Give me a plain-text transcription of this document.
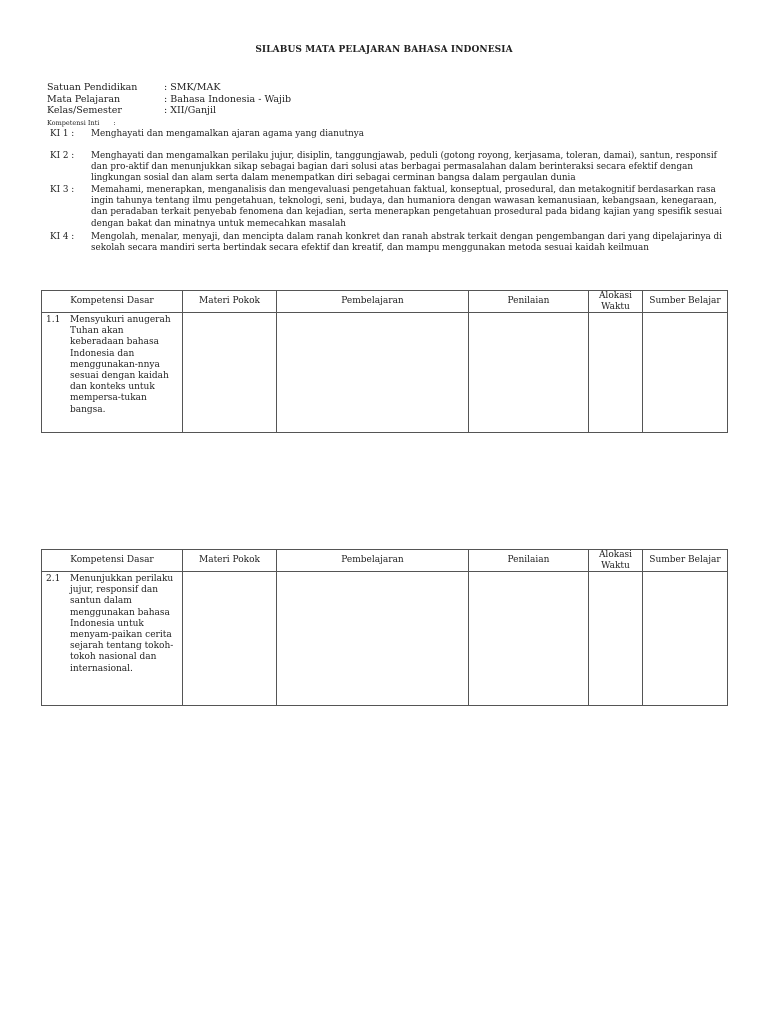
SILABUS MATA PELAJARAN BAHASA INDONESIA
Satuan Pendidikan	: SMK/MAK
Mata Pelajaran	: Bahasa Indonesia - Wajib
Kelas/Semester	: XII/Ganjil
Kompetensi Inti :
KI 1 :	Menghayati dan mengamalkan ajaran agama yang dianutnya
KI 2 :	Menghayati dan mengamalkan perilaku jujur, disiplin, tanggungjawab, peduli (gotong royong, kerjasama, toleran, damai), santun, responsif dan pro-aktif dan menunjukkan sikap sebagai bagian dari solusi atas berbagai permasalahan dalam berinteraksi secara efektif dengan lingkungan sosial dan alam serta dalam menempatkan diri sebagai cerminan bangsa dalam pergaulan dunia
KI 3 :	Memahami, menerapkan, menganalisis dan mengevaluasi pengetahuan faktual, konseptual, prosedural, dan metakognitif berdasarkan rasa ingin tahunya tentang ilmu pengetahuan, teknologi, seni, budaya, dan humaniora dengan wawasan kemanusiaan, kebangsaan, kenegaraan, dan peradaban terkait penyebab fenomena dan kejadian, serta menerapkan pengetahuan prosedural pada bidang kajian yang spesifik sesuai dengan bakat dan minatnya untuk memecahkan masalah
KI 4 :	Mengolah, menalar, menyaji, dan mencipta dalam ranah konkret dan ranah abstrak terkait dengan pengembangan dari yang dipelajarinya di sekolah secara mandiri serta bertindak secara efektif dan kreatif, dan mampu menggunakan metoda sesuai kaidah keilmuan
Kompetensi Dasar	Materi Pokok	Pembelajaran	Penilaian	Alokasi Waktu	Sumber Belajar

1.1 Mensyukuri anugerah Tuhan akan keberadaan bahasa Indonesia dan menggunakan-nnya sesuai dengan kaidah dan konteks untuk mempersa-tukan bangsa.					

Kompetensi Dasar	Materi Pokok	Pembelajaran	Penilaian	Alokasi Waktu	Sumber Belajar

2.1 Menunjukkan perilaku jujur, responsif dan santun dalam menggunakan bahasa Indonesia untuk menyam-paikan cerita sejarah tentang tokoh-tokoh nasional dan internasional.					
